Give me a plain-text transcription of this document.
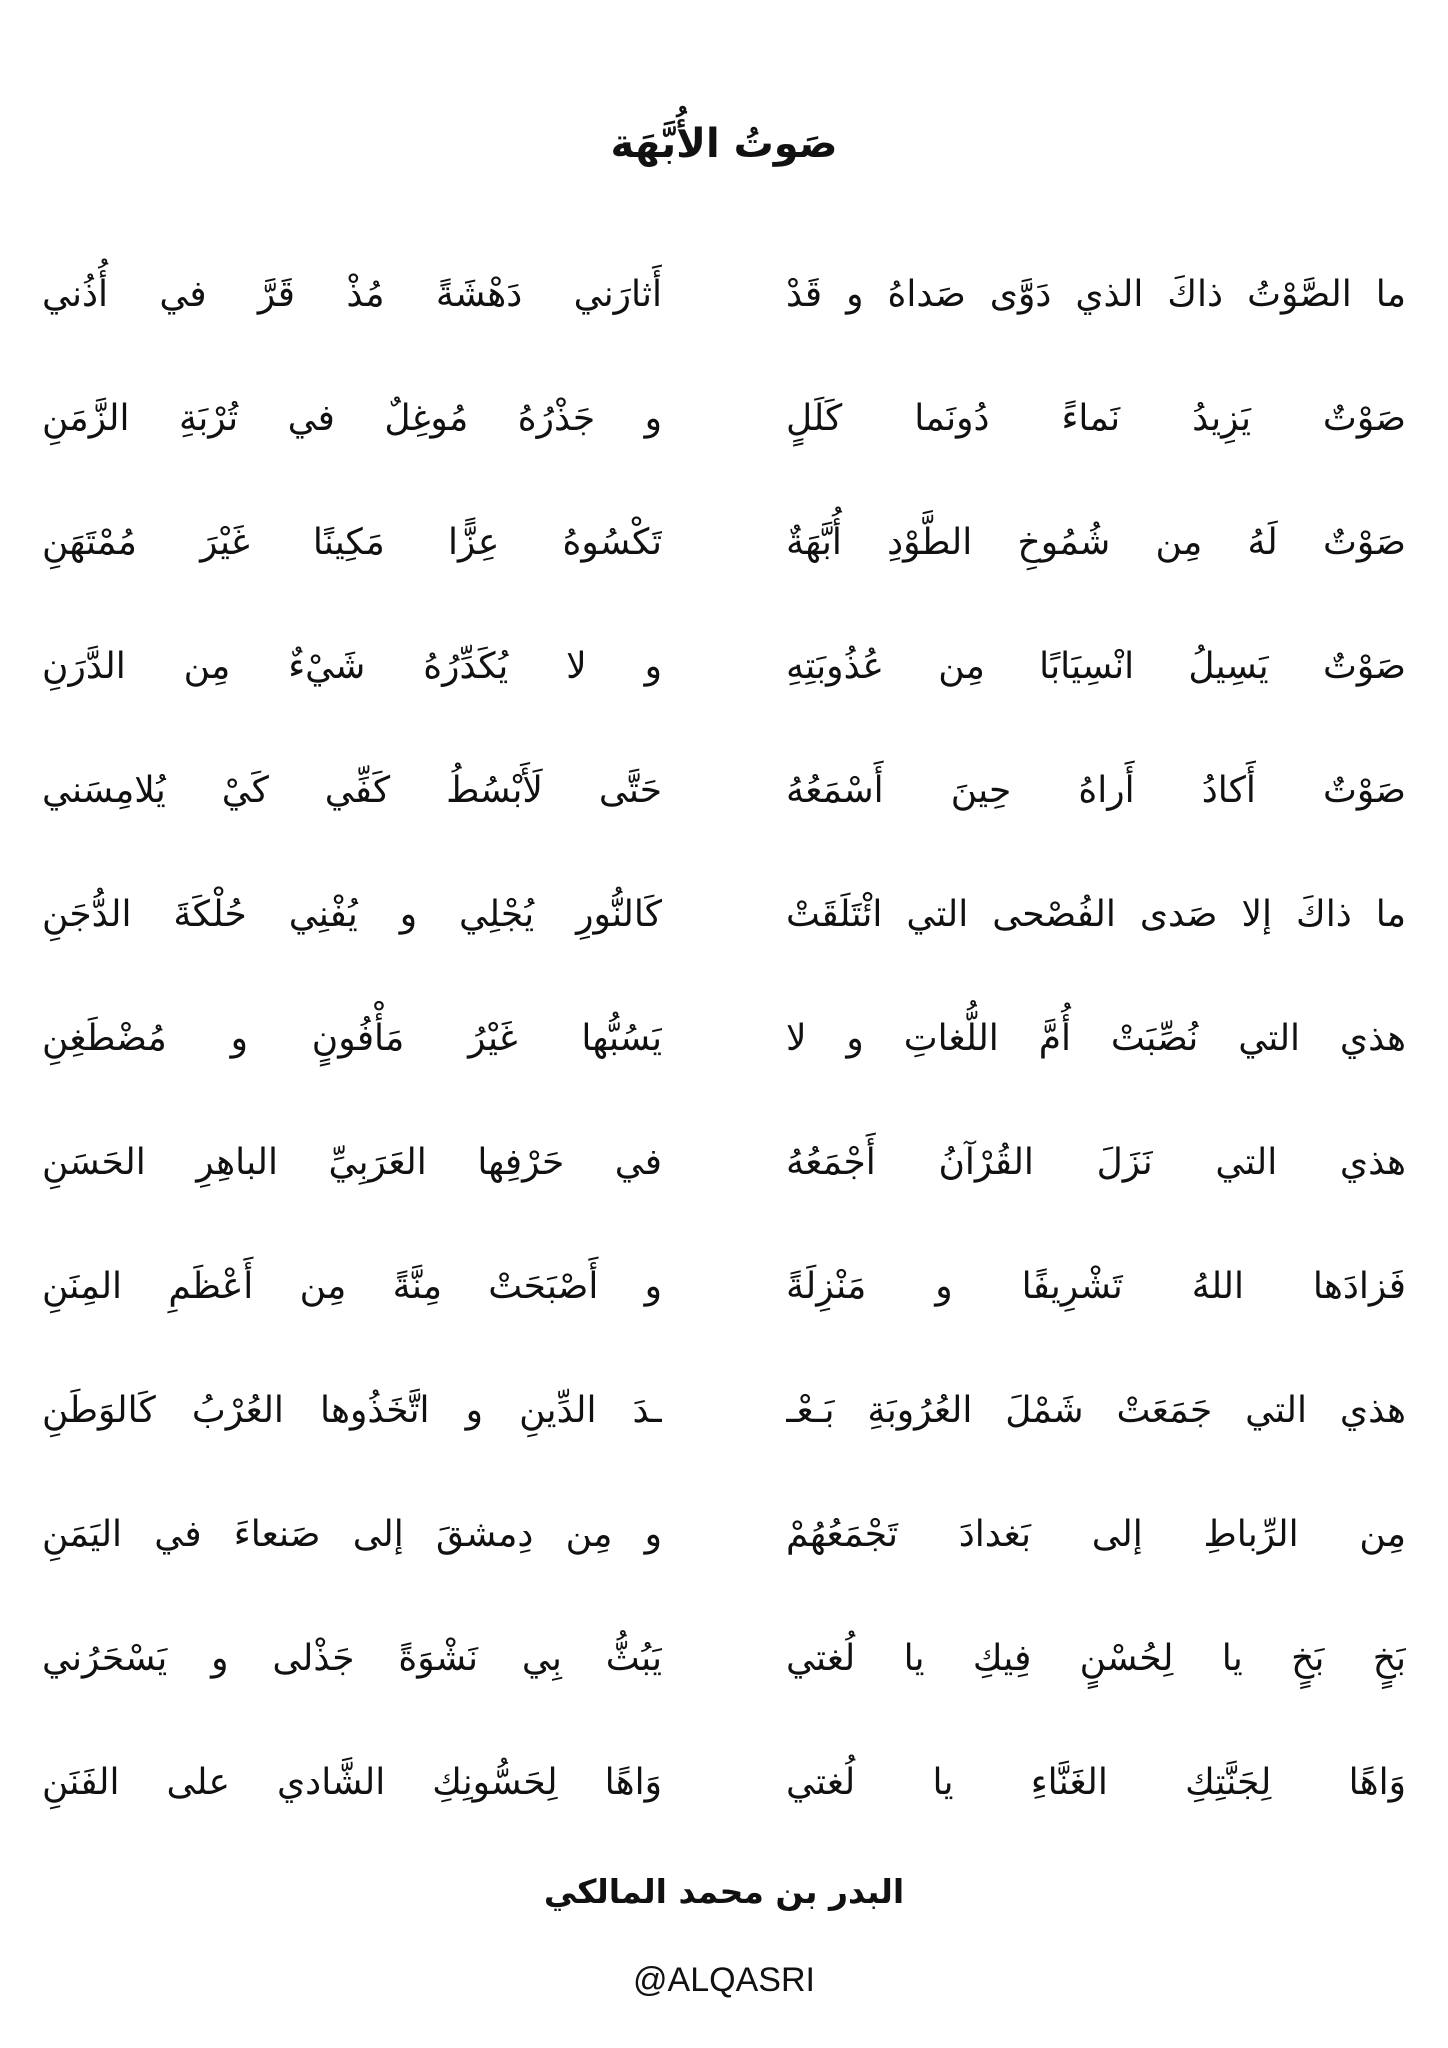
صَوتُ الأُبَّهَة
ما الصَّوْتُ ذاكَ الذي دَوَّى صَداهُ و قَدْ
أَثارَني دَهْشَةً مُذْ قَرَّ في أُذُني
صَوْتٌ يَزِيدُ نَماءً دُونَما كَلَلٍ
و جَذْرُهُ مُوغِلٌ في تُرْبَةِ الزَّمَنِ
صَوْتٌ لَهُ مِن شُمُوخِ الطَّوْدِ أُبَّهَةٌ
تَكْسُوهُ عِزًّا مَكِينًا غَيْرَ مُمْتَهَنِ
صَوْتٌ يَسِيلُ انْسِيَابًا مِن عُذُوبَتِهِ
و لا يُكَدِّرُهُ شَيْءٌ مِن الدَّرَنِ
صَوْتٌ أَكادُ أَراهُ حِينَ أَسْمَعُهُ
حَتَّى لَأَبْسُطُ كَفِّي كَيْ يُلامِسَني
ما ذاكَ إلا صَدى الفُصْحى التي ائْتَلَقَتْ
كَالنُّورِ يُجْلِي و يُفْنِي حُلْكَةَ الدُّجَنِ
هذي التي نُصِّبَتْ أُمَّ اللُّغاتِ و لا
يَسُبُّها غَيْرُ مَأْفُونٍ و مُضْطَغِنِ
هذي التي نَزَلَ القُرْآنُ أَجْمَعُهُ
في حَرْفِها العَرَبِيِّ الباهِرِ الحَسَنِ
فَزادَها اللهُ تَشْرِيفًا و مَنْزِلَةً
و أَصْبَحَتْ مِنَّةً مِن أَعْظَمِ المِنَنِ
هذي التي جَمَعَتْ شَمْلَ العُرُوبَةِ بَـعْـ
ـدَ الدِّينِ و اتَّخَذُوها العُرْبُ كَالوَطَنِ
مِن الرِّباطِ إلى بَغدادَ تَجْمَعُهُمْ
و مِن دِمشقَ إلى صَنعاءَ في اليَمَنِ
بَخٍ بَخٍ يا لِحُسْنٍ فِيكِ يا لُغتي
يَبُثُّ بِي نَشْوَةً جَذْلى و يَسْحَرُني
وَاهًا لِجَنَّتِكِ الغَنَّاءِ يا لُغتي
وَاهًا لِحَسُّونِكِ الشَّادي على الفَنَنِ
البدر بن محمد المالكي
@ALQASRI
